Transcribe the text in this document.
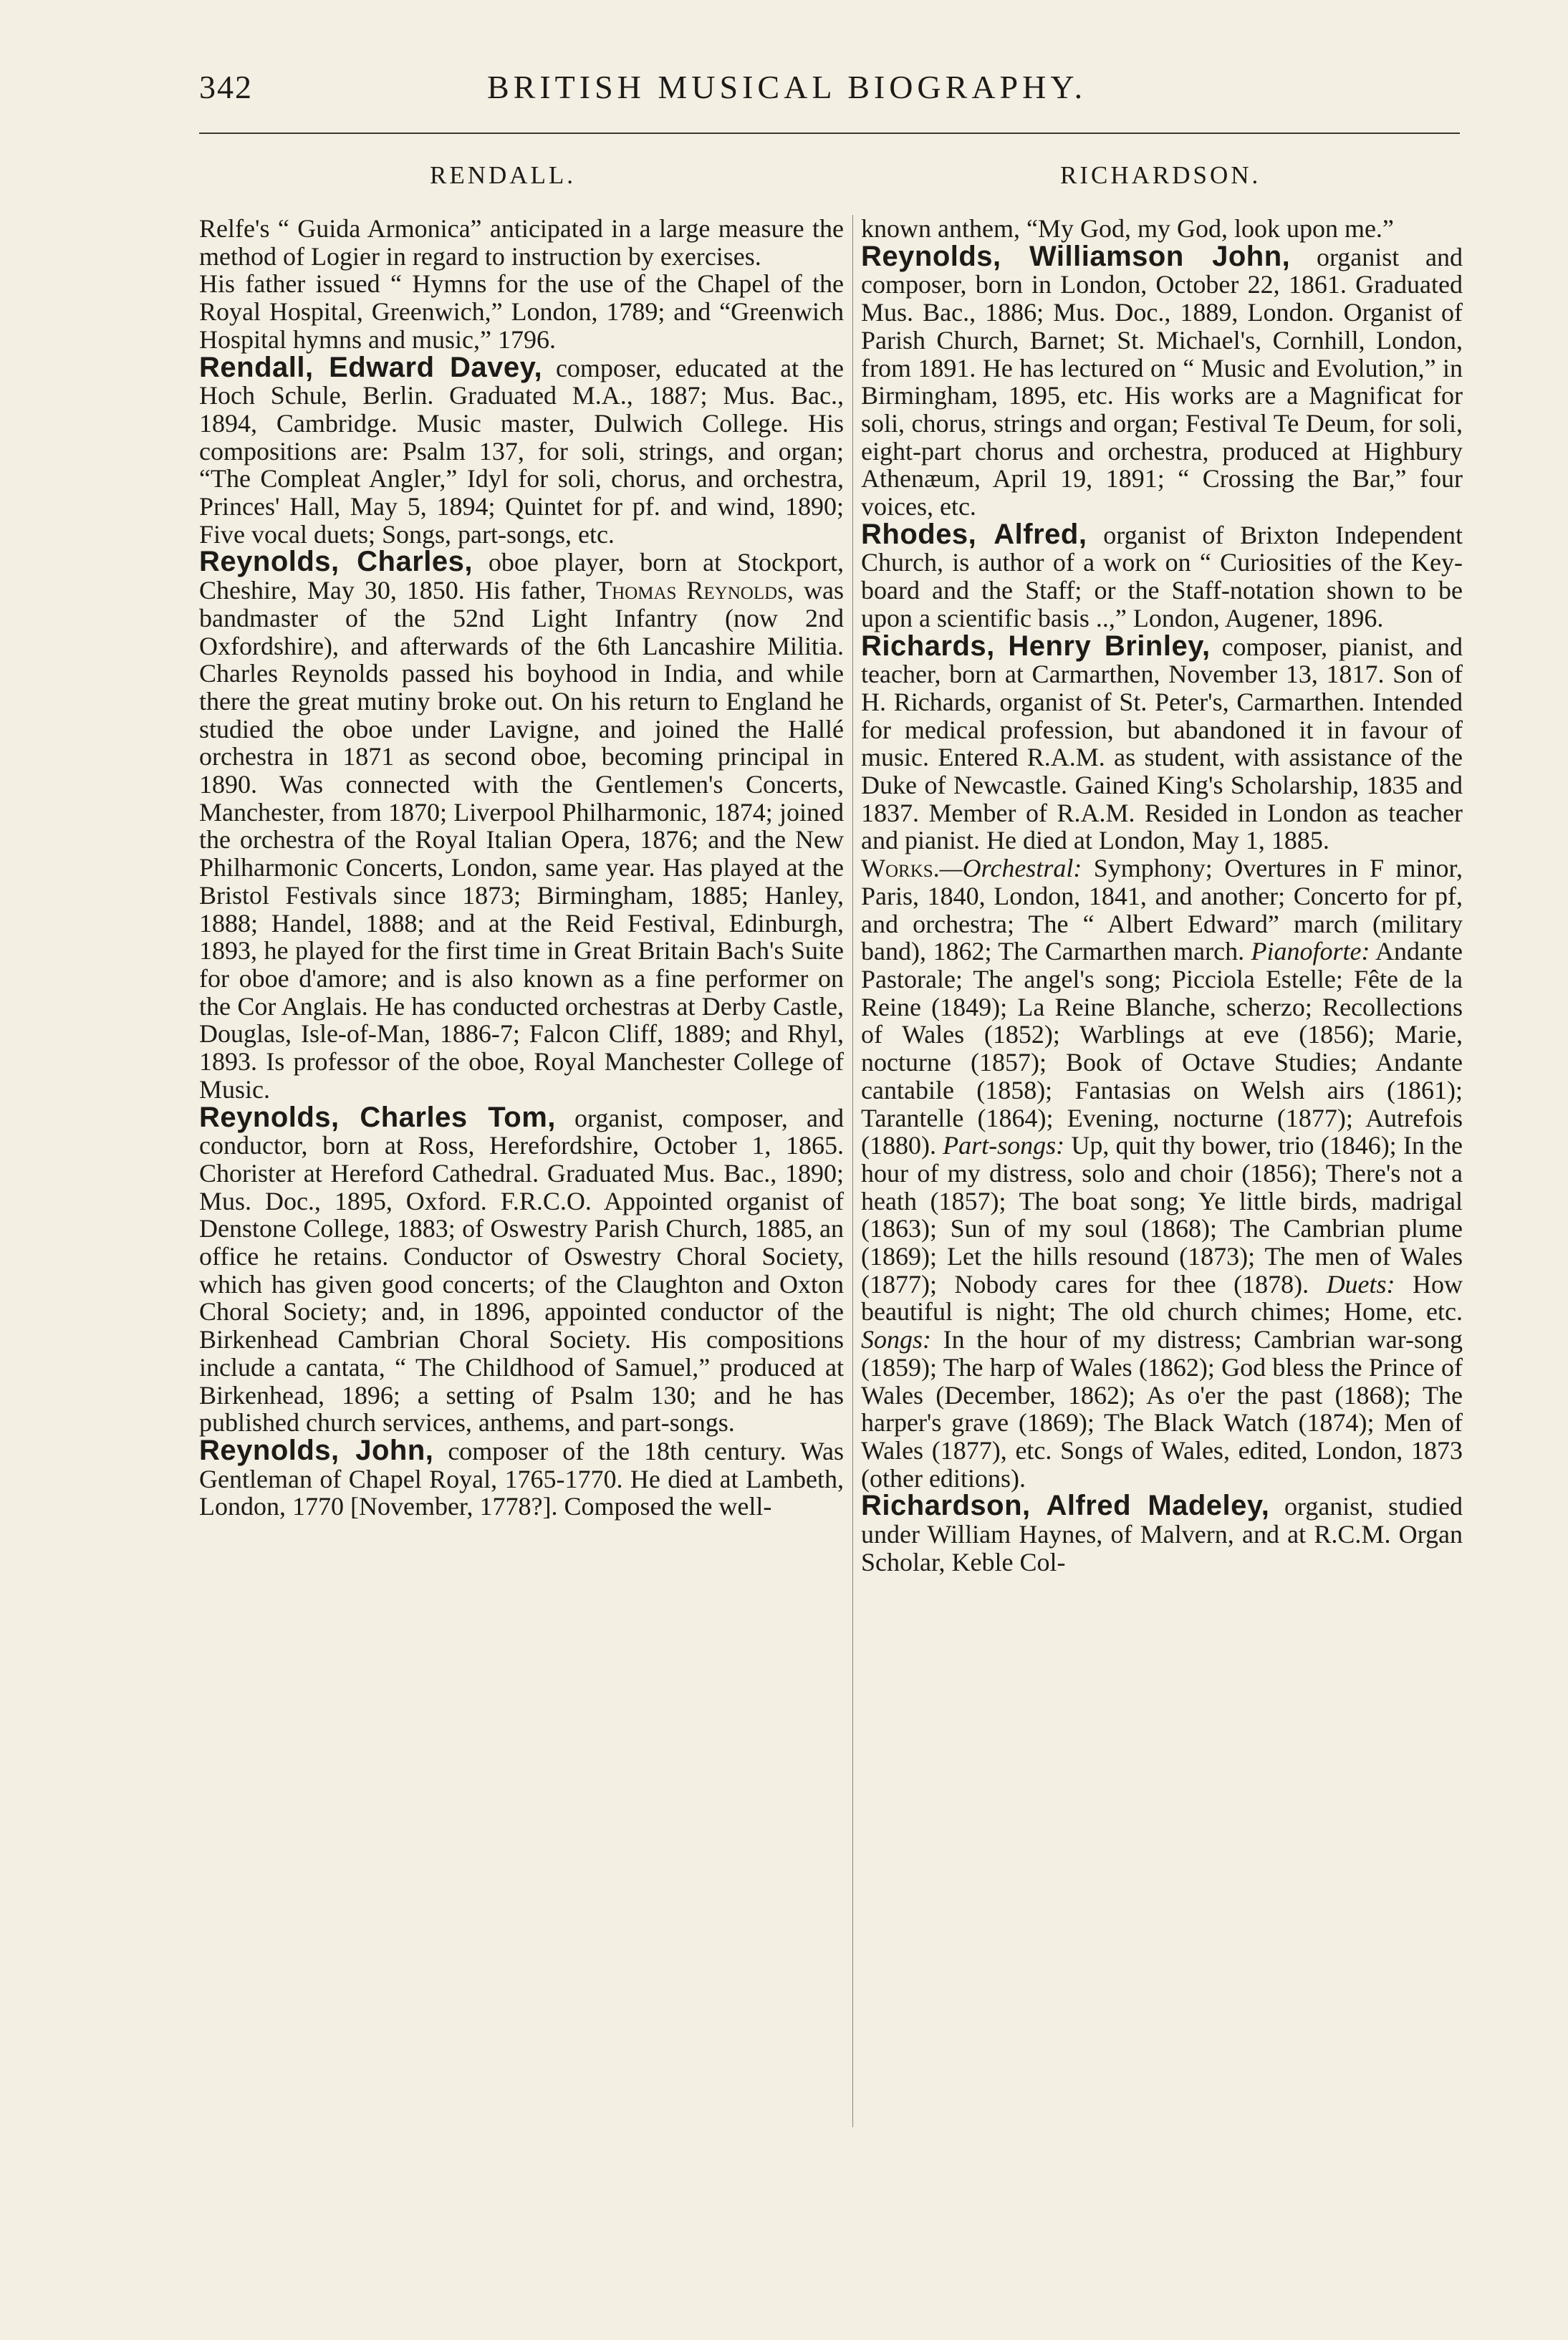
342	BRITISH MUSICAL BIOGRAPHY.
RENDALL.	RICHARDSON.

Relfe's “ Guida Armonica” anticipated in a large measure the method of Logier in regard to instruction by exercises.

His father issued “ Hymns for the use of the Chapel of the Royal Hospital, Greenwich,” London, 1789; and “Greenwich Hospital hymns and music,” 1796.

Rendall, Edward Davey, composer, educated at the Hoch Schule, Berlin. Graduated M.A., 1887; Mus. Bac., 1894, Cambridge. Music master, Dulwich College. His compositions are: Psalm 137, for soli, strings, and organ; “The Compleat Angler,” Idyl for soli, chorus, and orchestra, Princes' Hall, May 5, 1894; Quintet for pf. and wind, 1890; Five vocal duets; Songs, part-songs, etc.

Reynolds, Charles, oboe player, born at Stockport, Cheshire, May 30, 1850. His father, Thomas Reynolds, was bandmaster of the 52nd Light Infantry (now 2nd Oxfordshire), and afterwards of the 6th Lancashire Militia. Charles Reynolds passed his boyhood in India, and while there the great mutiny broke out. On his return to England he studied the oboe under Lavigne, and joined the Hallé orchestra in 1871 as second oboe, becoming principal in 1890. Was connected with the Gentlemen's Concerts, Manchester, from 1870; Liverpool Philharmonic, 1874; joined the orchestra of the Royal Italian Opera, 1876; and the New Philharmonic Concerts, London, same year. Has played at the Bristol Festivals since 1873; Birmingham, 1885; Hanley, 1888; Handel, 1888; and at the Reid Festival, Edinburgh, 1893, he played for the first time in Great Britain Bach's Suite for oboe d'amore; and is also known as a fine performer on the Cor Anglais. He has conducted orchestras at Derby Castle, Douglas, Isle-of-Man, 1886-7; Falcon Cliff, 1889; and Rhyl, 1893. Is professor of the oboe, Royal Manchester College of Music.

Reynolds, Charles Tom, organist, composer, and conductor, born at Ross, Herefordshire, October 1, 1865. Chorister at Hereford Cathedral. Graduated Mus. Bac., 1890; Mus. Doc., 1895, Oxford. F.R.C.O. Appointed organist of Denstone College, 1883; of Oswestry Parish Church, 1885, an office he retains. Conductor of Oswestry Choral Society, which has given good concerts; of the Claughton and Oxton Choral Society; and, in 1896, appointed conductor of the Birkenhead Cambrian Choral Society. His compositions include a cantata, “ The Childhood of Samuel,” produced at Birkenhead, 1896; a setting of Psalm 130; and he has published church services, anthems, and part-songs.

Reynolds, John, composer of the 18th century. Was Gentleman of Chapel Royal, 1765-1770. He died at Lambeth, London, 1770 [November, 1778?]. Composed the well-

known anthem, “My God, my God, look upon me.”

Reynolds, Williamson John, organist and composer, born in London, October 22, 1861. Graduated Mus. Bac., 1886; Mus. Doc., 1889, London. Organist of Parish Church, Barnet; St. Michael's, Cornhill, London, from 1891. He has lectured on “ Music and Evolution,” in Birmingham, 1895, etc. His works are a Magnificat for soli, chorus, strings and organ; Festival Te Deum, for soli, eight-part chorus and orchestra, produced at Highbury Athenæum, April 19, 1891; “ Crossing the Bar,” four voices, etc.

Rhodes, Alfred, organist of Brixton Independent Church, is author of a work on “ Curiosities of the Key-board and the Staff; or the Staff-notation shown to be upon a scientific basis ..,” London, Augener, 1896.

Richards, Henry Brinley, composer, pianist, and teacher, born at Carmarthen, November 13, 1817. Son of H. Richards, organist of St. Peter's, Carmarthen. Intended for medical profession, but abandoned it in favour of music. Entered R.A.M. as student, with assistance of the Duke of Newcastle. Gained King's Scholarship, 1835 and 1837. Member of R.A.M. Resided in London as teacher and pianist. He died at London, May 1, 1885.

Works.—Orchestral: Symphony; Overtures in F minor, Paris, 1840, London, 1841, and another; Concerto for pf, and orchestra; The “ Albert Edward” march (military band), 1862; The Carmarthen march. Pianoforte: Andante Pastorale; The angel's song; Picciola Estelle; Fête de la Reine (1849); La Reine Blanche, scherzo; Recollections of Wales (1852); Warblings at eve (1856); Marie, nocturne (1857); Book of Octave Studies; Andante cantabile (1858); Fantasias on Welsh airs (1861); Tarantelle (1864); Evening, nocturne (1877); Autrefois (1880). Part-songs: Up, quit thy bower, trio (1846); In the hour of my distress, solo and choir (1856); There's not a heath (1857); The boat song; Ye little birds, madrigal (1863); Sun of my soul (1868); The Cambrian plume (1869); Let the hills resound (1873); The men of Wales (1877); Nobody cares for thee (1878). Duets: How beautiful is night; The old church chimes; Home, etc. Songs: In the hour of my distress; Cambrian war-song (1859); The harp of Wales (1862); God bless the Prince of Wales (December, 1862); As o'er the past (1868); The harper's grave (1869); The Black Watch (1874); Men of Wales (1877), etc. Songs of Wales, edited, London, 1873 (other editions).

Richardson, Alfred Madeley, organist, studied under William Haynes, of Malvern, and at R.C.M. Organ Scholar, Keble Col-
